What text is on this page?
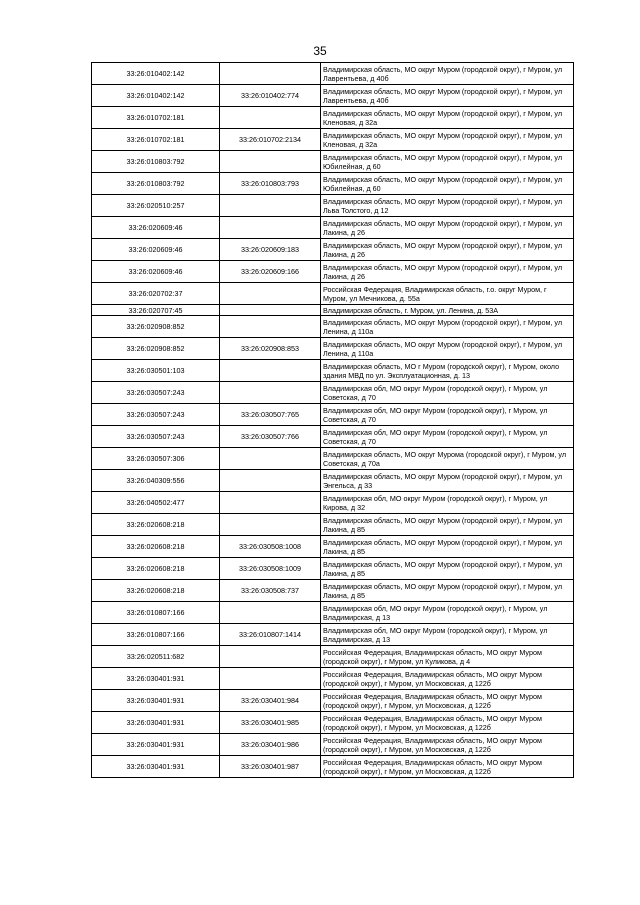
35
33:26:010402:142		Владимирская область, МО округ Муром (городской округ), г Муром, ул Лаврентьева, д 40б
33:26:010402:142	33:26:010402:774	Владимирская область, МО округ Муром (городской округ), г Муром, ул Лаврентьева, д 40б
33:26:010702:181		Владимирская область, МО округ Муром (городской округ), г Муром, ул Кленовая, д 32а
33:26:010702:181	33:26:010702:2134	Владимирская область, МО округ Муром (городской округ), г Муром, ул Кленовая, д 32а
33:26:010803:792		Владимирская область, МО округ Муром (городской округ), г Муром, ул Юбилейная, д 60
33:26:010803:792	33:26:010803:793	Владимирская область, МО округ Муром (городской округ), г Муром, ул Юбилейная, д 60
33:26:020510:257		Владимирская область, МО округ Муром (городской округ), г Муром, ул Льва Толстого, д 12
33:26:020609:46		Владимирская область, МО округ Муром (городской округ), г Муром, ул Лакина, д 26
33:26:020609:46	33:26:020609:183	Владимирская область, МО округ Муром (городской округ), г Муром, ул Лакина, д 26
33:26:020609:46	33:26:020609:166	Владимирская область, МО округ Муром (городской округ), г Муром, ул Лакина, д 26
33:26:020702:37		Российская Федерация, Владимирская область, г.о. округ Муром, г Муром, ул Мечникова, д. 55а
33:26:020707:45		Владимирская область, г. Муром, ул. Ленина, д. 53А
33:26:020908:852		Владимирская область, МО округ Муром (городской округ), г Муром, ул Ленина, д 110а
33:26:020908:852	33:26:020908:853	Владимирская область, МО округ Муром (городской округ), г Муром, ул Ленина, д 110а
33:26:030501:103		Владимирская область, МО г Муром (городской округ), г Муром, около здания МВД по ул. Эксплуатационная, д. 13
33:26:030507:243		Владимирская обл, МО округ Муром (городской округ), г Муром, ул Советская, д 70
33:26:030507:243	33:26:030507:765	Владимирская обл, МО округ Муром (городской округ), г Муром, ул Советская, д 70
33:26:030507:243	33:26:030507:766	Владимирская обл, МО округ Муром (городской округ), г Муром, ул Советская, д 70
33:26:030507:306		Владимирская область, МО округ Мурома (городской округ), г Муром, ул Советская, д 70а
33:26:040309:556		Владимирская область, МО округ Муром (городской округ), г Муром, ул Энгельса, д 33
33:26:040502:477		Владимирская обл, МО округ Муром (городской округ), г Муром, ул Кирова, д 32
33:26:020608:218		Владимирская область, МО округ Муром (городской округ), г Муром, ул Лакина, д 85
33:26:020608:218	33:26:030508:1008	Владимирская область, МО округ Муром (городской округ), г Муром, ул Лакина, д 85
33:26:020608:218	33:26:030508:1009	Владимирская область, МО округ Муром (городской округ), г Муром, ул Лакина, д 85
33:26:020608:218	33:26:030508:737	Владимирская область, МО округ Муром (городской округ), г Муром, ул Лакина, д 85
33:26:010807:166		Владимирская обл, МО округ Муром (городской округ), г Муром, ул Владимирская, д 13
33:26:010807:166	33:26:010807:1414	Владимирская обл, МО округ Муром (городской округ), г Муром, ул Владимирская, д 13
33:26:020511:682		Российская Федерация, Владимирская область, МО округ Муром (городской округ), г Муром, ул Куликова, д 4
33:26:030401:931		Российская Федерация, Владимирская область, МО округ Муром (городской округ), г Муром, ул Московская, д 122б
33:26:030401:931	33:26:030401:984	Российская Федерация, Владимирская область, МО округ Муром (городской округ), г Муром, ул Московская, д 122б
33:26:030401:931	33:26:030401:985	Российская Федерация, Владимирская область, МО округ Муром (городской округ), г Муром, ул Московская, д 122б
33:26:030401:931	33:26:030401:986	Российская Федерация, Владимирская область, МО округ Муром (городской округ), г Муром, ул Московская, д 122б
33:26:030401:931	33:26:030401:987	Российская Федерация, Владимирская область, МО округ Муром (городской округ), г Муром, ул Московская, д 122б
